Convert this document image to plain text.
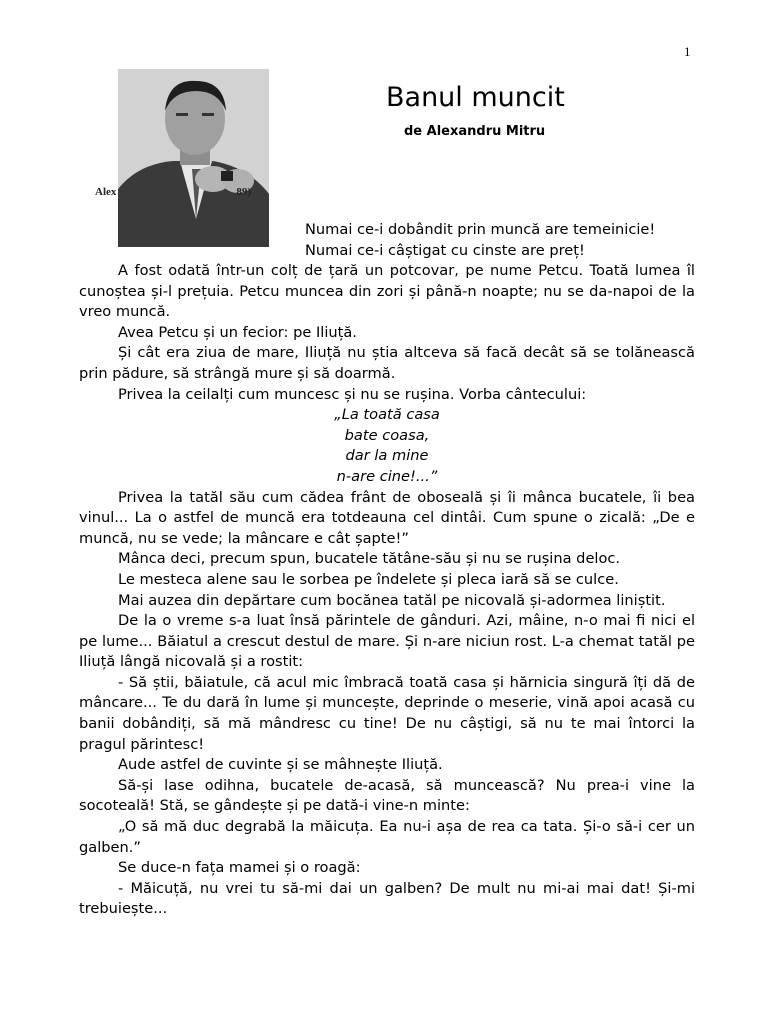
1
Alex	89)
Banul muncit
de Alexandru Mitru
Numai ce-i dobândit prin muncă are temeinicie!
Numai ce-i câștigat cu cinste are preț!

A fost odată într-un colț de țară un potcovar, pe nume Petcu. Toată lumea îl cunoștea și-l prețuia. Petcu muncea din zori și până-n noapte; nu se da-napoi de la vreo muncă.

Avea Petcu și un fecior: pe Iliuță.

Și cât era ziua de mare, Iliuță nu știa altceva să facă decât să se tolănească prin pădure, să strângă mure și să doarmă.

Privea la ceilalți cum muncesc și nu se rușina. Vorba cântecului:

„La toată casa
bate coasa,
dar la mine
n-are cine!...”

Privea la tatăl său cum cădea frânt de oboseală și îi mânca bucatele, îi bea vinul... La o astfel de muncă era totdeauna cel dintâi. Cum spune o zicală: „De e muncă, nu se vede; la mâncare e cât șapte!”

Mânca deci, precum spun, bucatele tătâne-său și nu se rușina deloc.

Le mesteca alene sau le sorbea pe îndelete și pleca iară să se culce.

Mai auzea din depărtare cum bocănea tatăl pe nicovală și-adormea liniștit.

De la o vreme s-a luat însă părintele de gânduri. Azi, mâine, n-o mai fi nici el pe lume... Băiatul a crescut destul de mare. Și n-are niciun rost. L-a chemat tatăl pe Iliuță lângă nicovală și a rostit:

- Să știi, băiatule, că acul mic îmbracă toată casa și hărnicia singură îți dă de mâncare... Te du dară în lume și muncește, deprinde o meserie, vină apoi acasă cu banii dobândiți, să mă mândresc cu tine! De nu câștigi, să nu te mai întorci la pragul părintesc!

Aude astfel de cuvinte și se mâhnește Iliuță.

Să-și lase odihna, bucatele de-acasă, să muncească? Nu prea-i vine la socoteală! Stă, se gândește și pe dată-i vine-n minte:

„O să mă duc degrabă la măicuța. Ea nu-i așa de rea ca tata. Și-o să-i cer un galben.”

Se duce-n fața mamei și o roagă:

- Măicuță, nu vrei tu să-mi dai un galben? De mult nu mi-ai mai dat! Și-mi trebuiește...
